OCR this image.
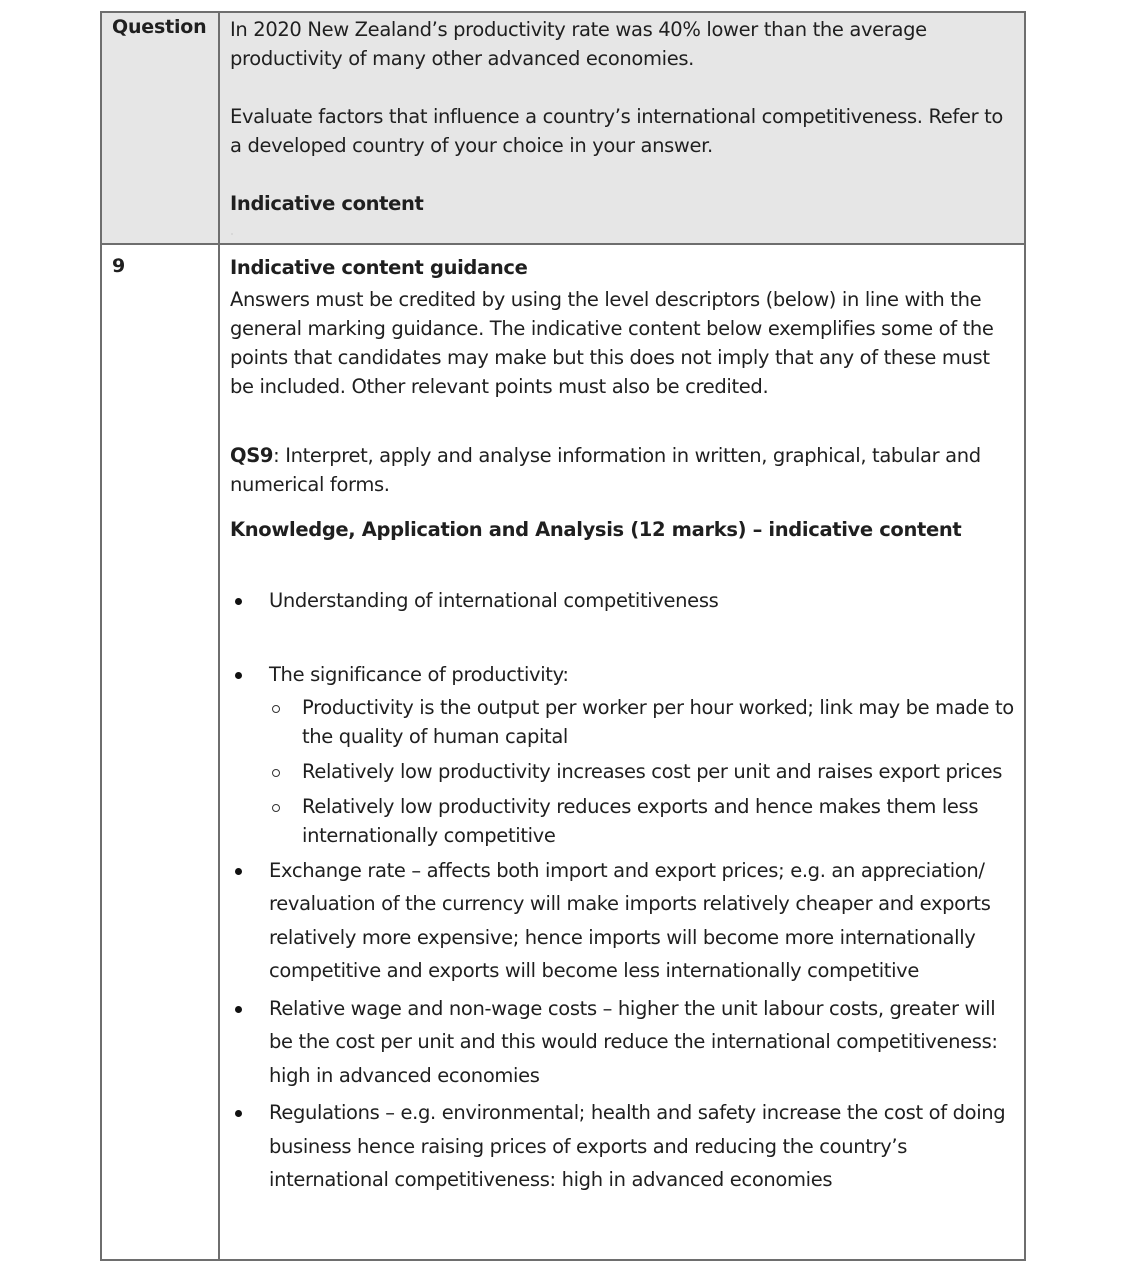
Question	In 2020 New Zealand’s productivity rate was 40% lower than the average productivity of many other advanced economies.

Evaluate factors that influence a country’s international competitiveness. Refer to a developed country of your choice in your answer.

Indicative content

9	Indicative content guidance

Answers must be credited by using the level descriptors (below) in line with the general marking guidance. The indicative content below exemplifies some of the points that candidates may make but this does not imply that any of these must be included. Other relevant points must also be credited.

QS9: Interpret, apply and analyse information in written, graphical, tabular and numerical forms.

Knowledge, Application and Analysis (12 marks) – indicative content

Understanding of international competitiveness
The significance of productivity:
Productivity is the output per worker per hour worked; link may be made to the quality of human capital
Relatively low productivity increases cost per unit and raises export prices
Relatively low productivity reduces exports and hence makes them less internationally competitive
Exchange rate – affects both import and export prices; e.g. an appreciation/ revaluation of the currency will make imports relatively cheaper and exports relatively more expensive; hence imports will become more internationally competitive and exports will become less internationally competitive
Relative wage and non-wage costs – higher the unit labour costs, greater will be the cost per unit and this would reduce the international competitiveness: high in advanced economies
Regulations – e.g. environmental; health and safety increase the cost of doing business hence raising prices of exports and reducing the country’s international competitiveness: high in advanced economies
